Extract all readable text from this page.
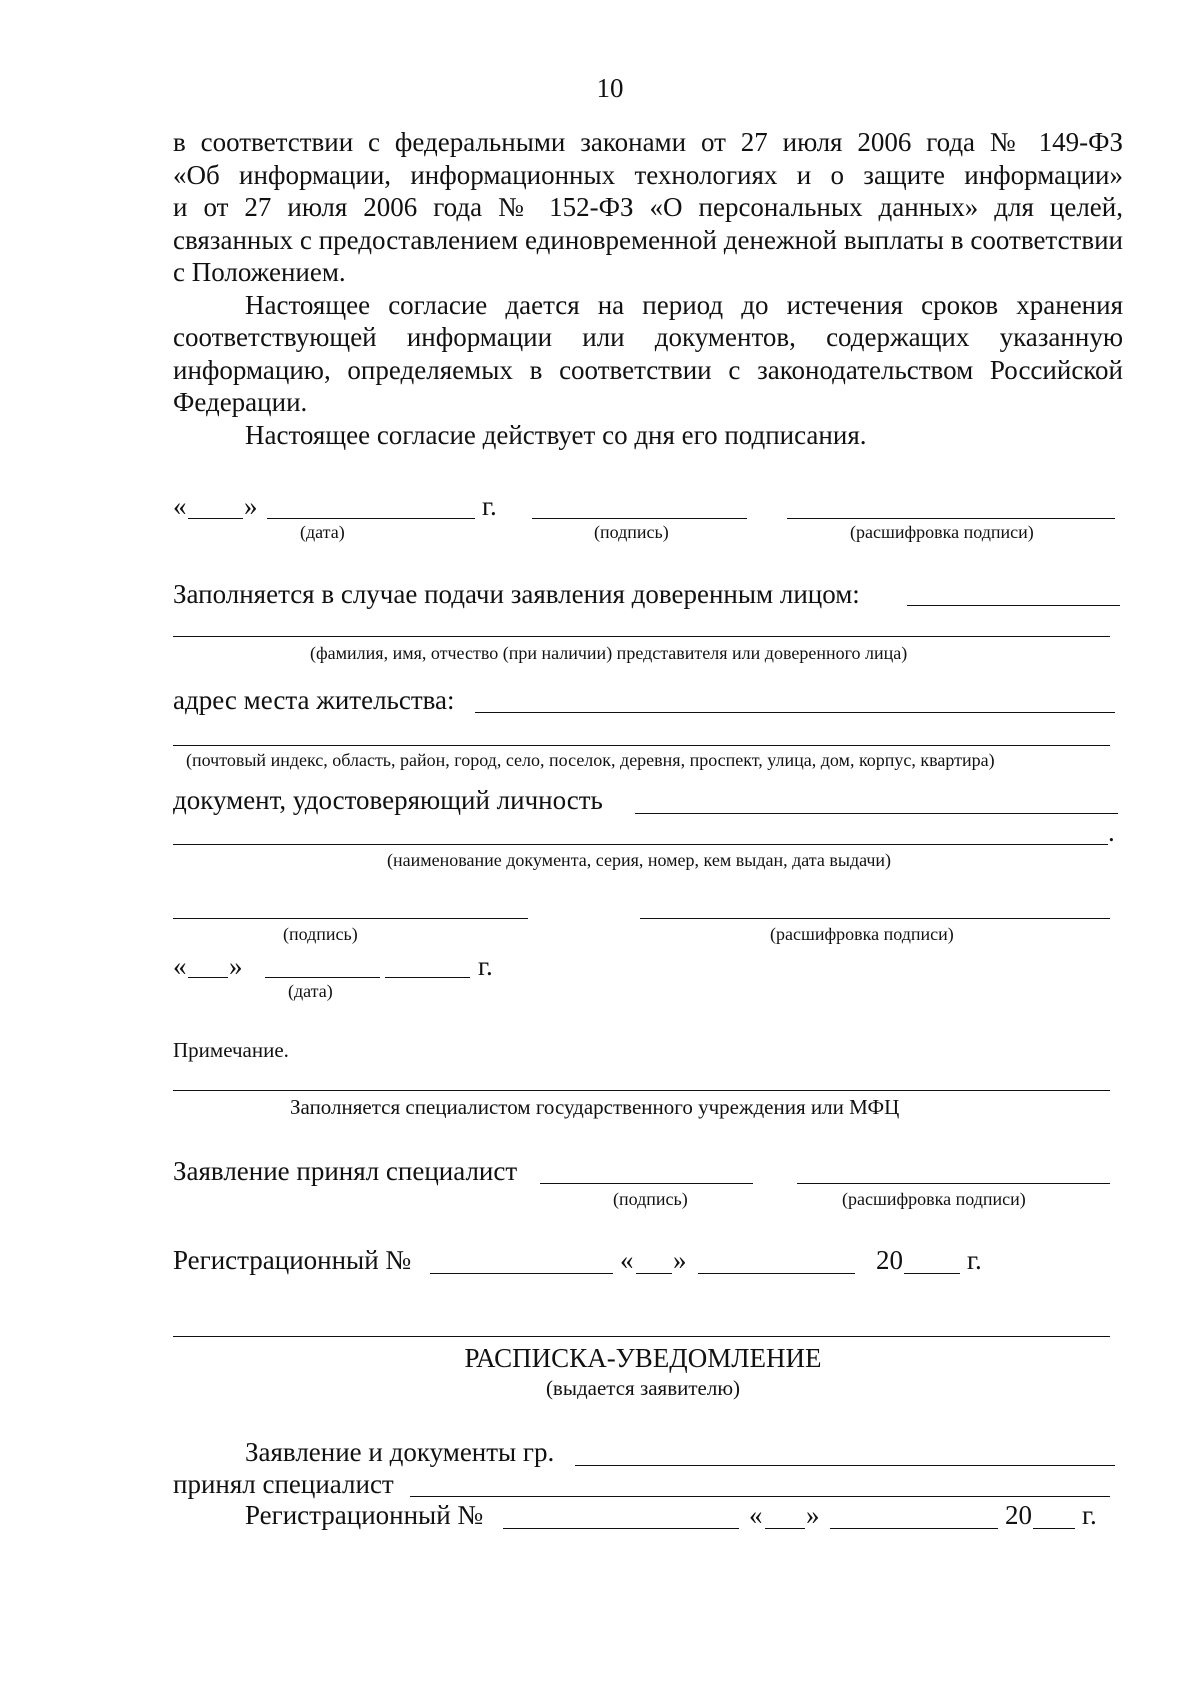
10

в соответствии с федеральными законами от 27 июля 2006 года № 149-ФЗ

«Об информации, информационных технологиях и о защите информации»

и от 27 июля 2006 года № 152-ФЗ «О персональных данных» для целей,

связанных с предоставлением единовременной денежной выплаты в соответствии

с Положением.

Настоящее согласие дается на период до истечения сроков хранения

соответствующей информации или документов, содержащих указанную

информацию, определяемых в соответствии с законодательством Российской

Федерации.

Настоящее согласие действует со дня его подписания.

« »	г.
(дата)	(подпись)	(расшифровка подписи)
Заполняется в случае подачи заявления доверенным лицом:
(фамилия, имя, отчество (при наличии) представителя или доверенного лица)
адрес места жительства:
(почтовый индекс, область, район, город, село, поселок, деревня, проспект, улица, дом, корпус, квартира)
документ, удостоверяющий личность
.
(наименование документа, серия, номер, кем выдан, дата выдачи)
(подпись)	(расшифровка подписи)
« »	г.
(дата)
Примечание.
Заполняется специалистом государственного учреждения или МФЦ
Заявление принял специалист
(подпись)	(расшифровка подписи)
Регистрационный №	« »	20 г.
РАСПИСКА-УВЕДОМЛЕНИЕ
(выдается заявителю)
Заявление и документы гр.
принял специалист
Регистрационный №	« »	20 г.
